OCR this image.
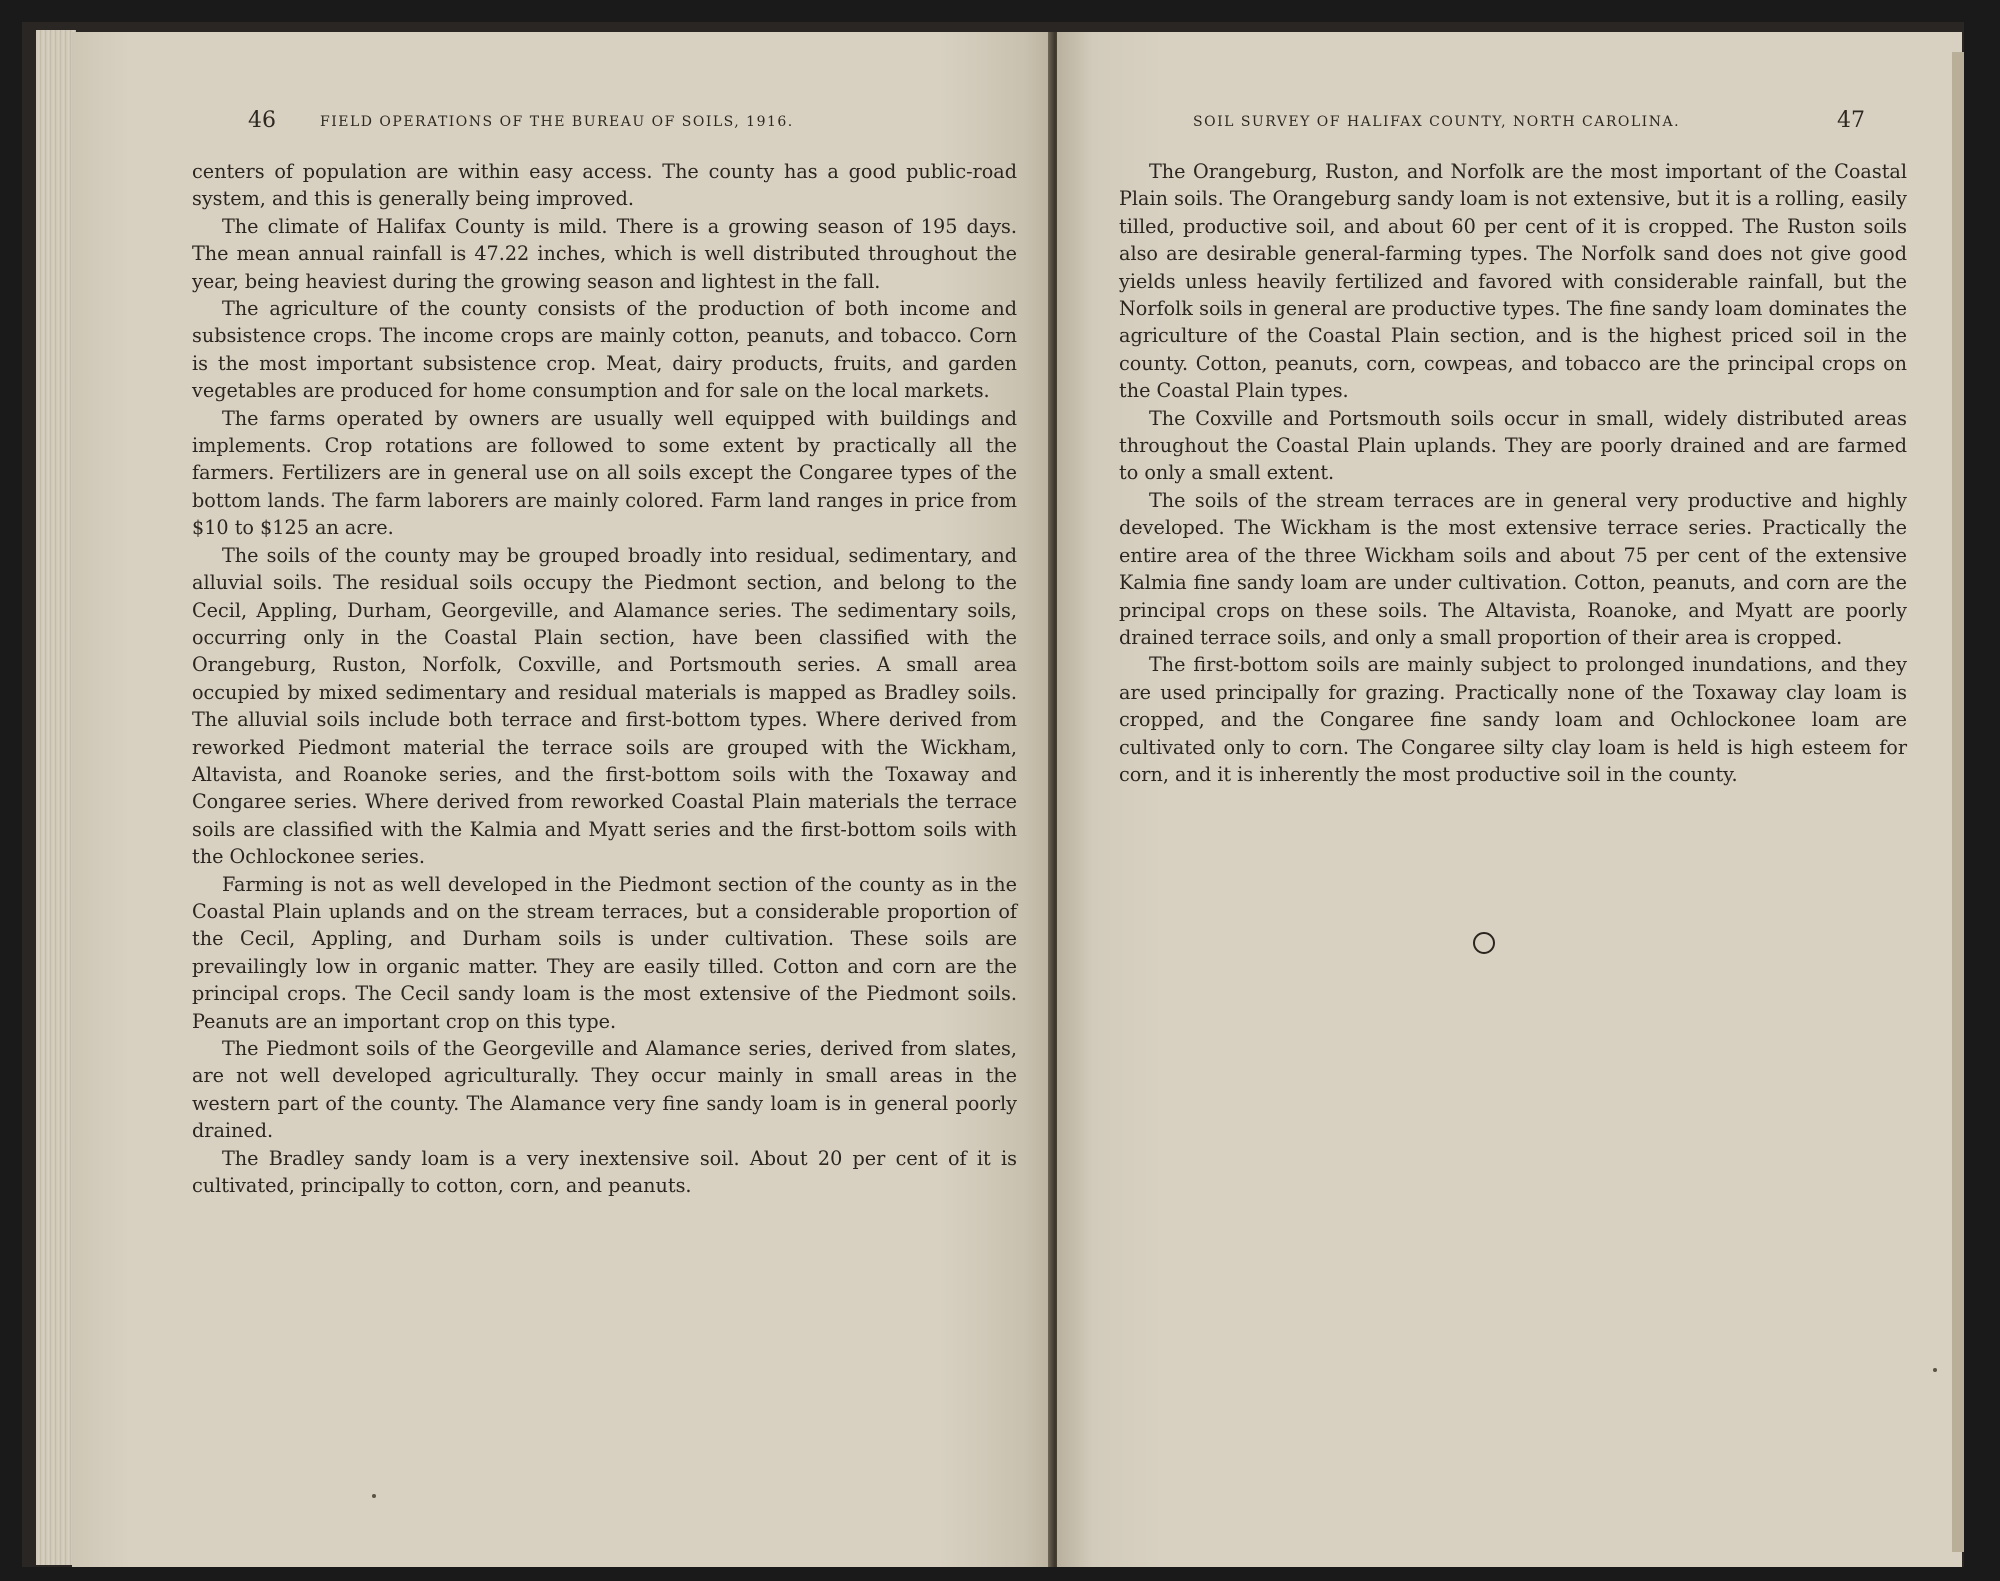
46	FIELD OPERATIONS OF THE BUREAU OF SOILS, 1916.

centers of population are within easy access. The county has a good public-road system, and this is generally being improved.

The climate of Halifax County is mild. There is a growing season of 195 days. The mean annual rainfall is 47.22 inches, which is well distributed throughout the year, being heaviest during the growing season and lightest in the fall.

The agriculture of the county consists of the production of both income and subsistence crops. The income crops are mainly cotton, peanuts, and tobacco. Corn is the most important subsistence crop. Meat, dairy products, fruits, and garden vegetables are produced for home consumption and for sale on the local markets.

The farms operated by owners are usually well equipped with buildings and implements. Crop rotations are followed to some extent by practically all the farmers. Fertilizers are in general use on all soils except the Congaree types of the bottom lands. The farm laborers are mainly colored. Farm land ranges in price from $10 to $125 an acre.

The soils of the county may be grouped broadly into residual, sedimentary, and alluvial soils. The residual soils occupy the Piedmont section, and belong to the Cecil, Appling, Durham, Georgeville, and Alamance series. The sedimentary soils, occurring only in the Coastal Plain section, have been classified with the Orangeburg, Ruston, Norfolk, Coxville, and Portsmouth series. A small area occupied by mixed sedimentary and residual materials is mapped as Bradley soils. The alluvial soils include both terrace and first-bottom types. Where derived from reworked Piedmont material the terrace soils are grouped with the Wickham, Altavista, and Roanoke series, and the first-bottom soils with the Toxaway and Congaree series. Where derived from reworked Coastal Plain materials the terrace soils are classified with the Kalmia and Myatt series and the first-bottom soils with the Ochlockonee series.

Farming is not as well developed in the Piedmont section of the county as in the Coastal Plain uplands and on the stream terraces, but a considerable proportion of the Cecil, Appling, and Durham soils is under cultivation. These soils are prevailingly low in organic matter. They are easily tilled. Cotton and corn are the principal crops. The Cecil sandy loam is the most extensive of the Piedmont soils. Peanuts are an important crop on this type.

The Piedmont soils of the Georgeville and Alamance series, derived from slates, are not well developed agriculturally. They occur mainly in small areas in the western part of the county. The Alamance very fine sandy loam is in general poorly drained.

The Bradley sandy loam is a very inextensive soil. About 20 per cent of it is cultivated, principally to cotton, corn, and peanuts.

SOIL SURVEY OF HALIFAX COUNTY, NORTH CAROLINA.	47

The Orangeburg, Ruston, and Norfolk are the most important of the Coastal Plain soils. The Orangeburg sandy loam is not extensive, but it is a rolling, easily tilled, productive soil, and about 60 per cent of it is cropped. The Ruston soils also are desirable general-farming types. The Norfolk sand does not give good yields unless heavily fertilized and favored with considerable rainfall, but the Norfolk soils in general are productive types. The fine sandy loam dominates the agriculture of the Coastal Plain section, and is the highest priced soil in the county. Cotton, peanuts, corn, cowpeas, and tobacco are the principal crops on the Coastal Plain types.

The Coxville and Portsmouth soils occur in small, widely distributed areas throughout the Coastal Plain uplands. They are poorly drained and are farmed to only a small extent.

The soils of the stream terraces are in general very productive and highly developed. The Wickham is the most extensive terrace series. Practically the entire area of the three Wickham soils and about 75 per cent of the extensive Kalmia fine sandy loam are under cultivation. Cotton, peanuts, and corn are the principal crops on these soils. The Altavista, Roanoke, and Myatt are poorly drained terrace soils, and only a small proportion of their area is cropped.

The first-bottom soils are mainly subject to prolonged inundations, and they are used principally for grazing. Practically none of the Toxaway clay loam is cropped, and the Congaree fine sandy loam and Ochlockonee loam are cultivated only to corn. The Congaree silty clay loam is held is high esteem for corn, and it is inherently the most productive soil in the county.
